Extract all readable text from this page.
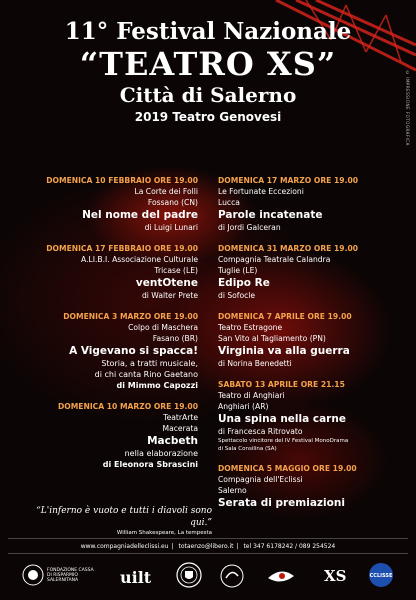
© IMPRESSIONE FOTOGRAFICA
11° Festival Nazionale
“TEATRO XS”
Città di Salerno
2019 Teatro Genovesi
DOMENICA 10 FEBBRAIO ORE 19.00
La Corte dei Folli
Fossano (CN)
Nel nome del padre
di Luigi Lunari
DOMENICA 17 FEBBRAIO ORE 19.00
A.LI.B.I. Associazione Culturale
Tricase (LE)
ventOtene
di Walter Prete
DOMENICA 3 MARZO ORE 19.00
Colpo di Maschera
Fasano (BR)
A Vigevano si spacca!
Storia, a tratti musicale,
di chi canta Rino Gaetano
di Mimmo Capozzi
DOMENICA 10 MARZO ORE 19.00
TeatrArte
Macerata
Macbeth
nella elaborazione
di Eleonora Sbrascini
DOMENICA 17 MARZO ORE 19.00
Le Fortunate Eccezioni
Lucca
Parole incatenate
di Jordi Galceran
DOMENICA 31 MARZO ORE 19.00
Compagnia Teatrale Calandra
Tuglie (LE)
Edipo Re
di Sofocle
DOMENICA 7 APRILE ORE 19.00
Teatro Estragone
San Vito al Tagliamento (PN)
Virginia va alla guerra
di Norina Benedetti
SABATO 13 APRILE ORE 21.15
Teatro di Anghiari
Anghiari (AR)
Una spina nella carne
di Francesca Ritrovato
Spettacolo vincitore del IV Festival MonoDrama
di Sala Consilina (SA)
DOMENICA 5 MAGGIO ORE 19.00
Compagnia dell'Eclissi
Salerno
Serata di premiazioni
“L'inferno è vuoto e tutti i diavoli sono qui.”
William Shakespeare, La tempesta
www.compagniadelleclissi.eu | totaenzo@libero.it | tel 347 6178242 / 089 254524
FONDAZIONE CASSA DI RISPARMIO SALERNITANA	uilt	XS	CCLISSE
